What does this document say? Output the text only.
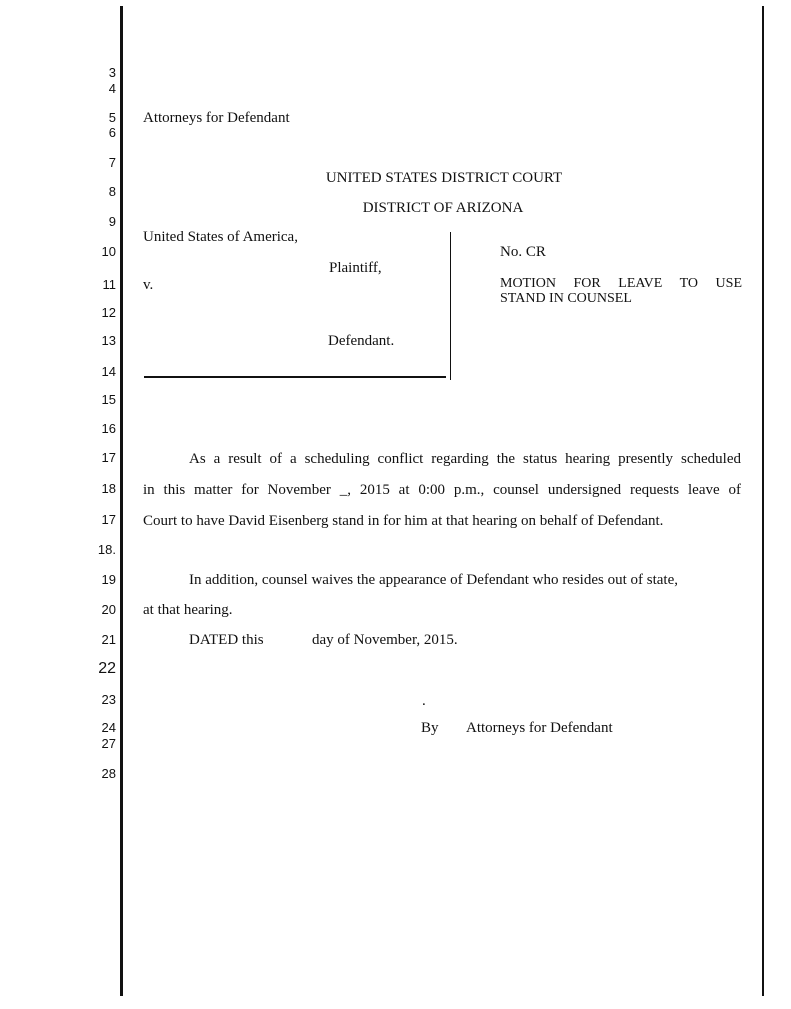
3
4
5
6
7
8
9
10
11
12
13
14
15
16
17
18
17
18.
19
20
21
22
23
24
27
28
Attorneys for Defendant
UNITED STATES DISTRICT COURT
DISTRICT OF ARIZONA
United States of America,
Plaintiff,
v.
Defendant.
No. CR
MOTION FOR LEAVE TO USE
STAND IN COUNSEL
As a result of a scheduling conflict regarding the status hearing presently scheduled
in this matter for November _, 2015 at 0:00 p.m., counsel undersigned requests leave of
Court to have David Eisenberg stand in for him at that hearing on behalf of Defendant.
In addition, counsel waives the appearance of Defendant who resides out of state,
at that hearing.
DATED this	day of November, 2015.
.
By Attorneys for Defendant
